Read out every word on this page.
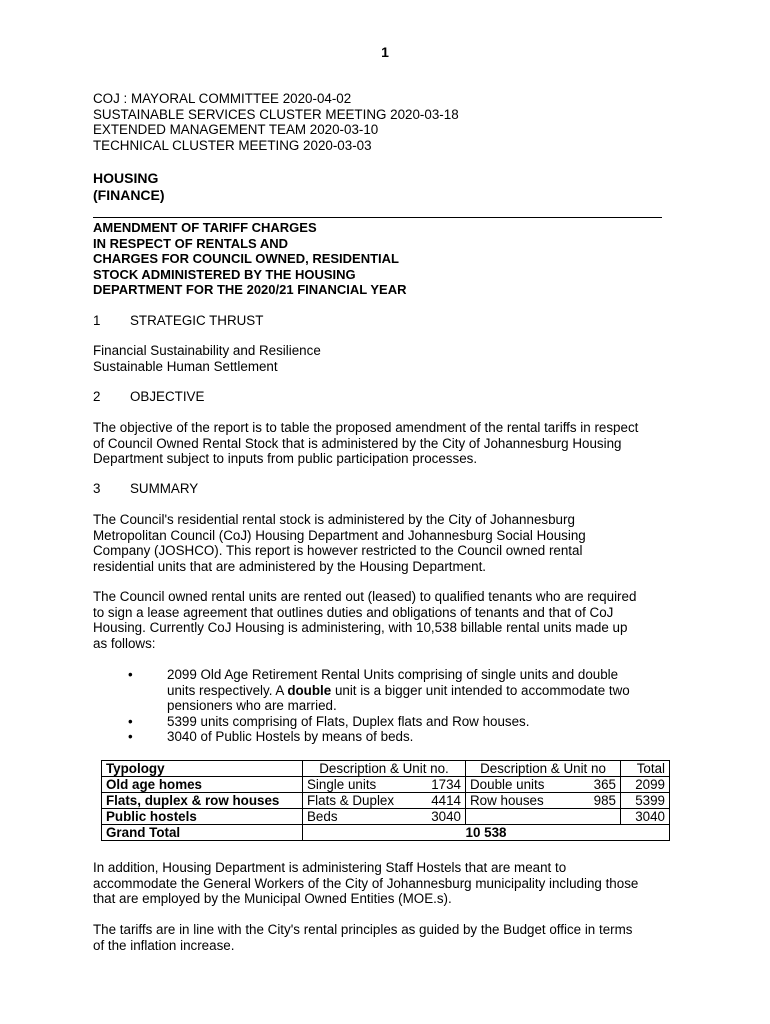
1
COJ : MAYORAL COMMITTEE 2020-04-02
SUSTAINABLE SERVICES CLUSTER MEETING 2020-03-18
EXTENDED MANAGEMENT TEAM 2020-03-10
TECHNICAL CLUSTER MEETING 2020-03-03
HOUSING
(FINANCE)
AMENDMENT OF TARIFF CHARGES
IN RESPECT OF RENTALS AND
CHARGES FOR COUNCIL OWNED, RESIDENTIAL
STOCK ADMINISTERED BY THE HOUSING
DEPARTMENT FOR THE 2020/21 FINANCIAL YEAR
1 STRATEGIC THRUST
Financial Sustainability and Resilience
Sustainable Human Settlement
2 OBJECTIVE
The objective of the report is to table the proposed amendment of the rental tariffs in respect
of Council Owned Rental Stock that is administered by the City of Johannesburg Housing
Department subject to inputs from public participation processes.
3 SUMMARY
The Council's residential rental stock is administered by the City of Johannesburg
Metropolitan Council (CoJ) Housing Department and Johannesburg Social Housing
Company (JOSHCO). This report is however restricted to the Council owned rental
residential units that are administered by the Housing Department.
The Council owned rental units are rented out (leased) to qualified tenants who are required
to sign a lease agreement that outlines duties and obligations of tenants and that of CoJ
Housing. Currently CoJ Housing is administering, with 10,538 billable rental units made up
as follows:
•	2099 Old Age Retirement Rental Units comprising of single units and double
units respectively. A double unit is a bigger unit intended to accommodate two
pensioners who are married.
•	5399 units comprising of Flats, Duplex flats and Row houses.
•	3040 of Public Hostels by means of beds.
Typology	Description & Unit no.	Description & Unit no	Total
Old age homes	Single units 1734	Double units 365	2099
Flats, duplex & row houses	Flats & Duplex 4414	Row houses 985	5399
Public hostels	Beds 3040		3040
Grand Total	10 538		
In addition, Housing Department is administering Staff Hostels that are meant to
accommodate the General Workers of the City of Johannesburg municipality including those
that are employed by the Municipal Owned Entities (MOE.s).
The tariffs are in line with the City's rental principles as guided by the Budget office in terms
of the inflation increase.
